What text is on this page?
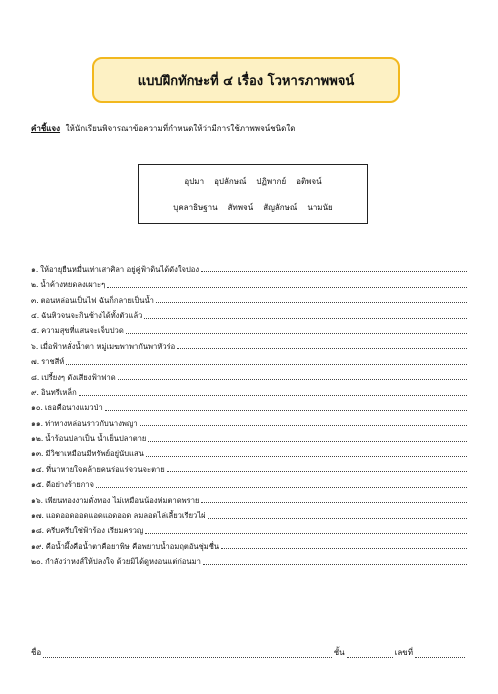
แบบฝึกทักษะที่ ๔ เรื่อง โวหารภาพพจน์
คำชี้แจง ให้นักเรียนพิจารณาข้อความที่กำหนดให้ว่ามีการใช้ภาพพจน์ชนิดใด
อุปมา อุปลักษณ์ ปฏิพากย์ อติพจน์
บุคลาธิษฐาน สัทพจน์ สัญลักษณ์ นามนัย
๑. ให้อายุยืนหมื่นเท่าเสาศิลา อยู่คู่ฟ้าดินได้ดังใจปอง
๒. น้ำค้างหยดลงเผาะๆ
๓. ตอนหล่อนเป็นไฟ ฉันก็กลายเป็นน้ำ
๔. ฉันหิวจนจะกินช้างได้ทั้งตัวแล้ว
๕. ความสุขที่แสนจะเจ็บปวด
๖. เมื่อฟ้าหลั่งน้ำตา หมู่เมฆพาพากันพาหัวร่อ
๗. ราชสีห์
๘. เปรี้ยงๆ ดังเสียงฟ้าฟาด
๙. อินทรีเหล็ก
๑๐. เธอคือนางแมวป่า
๑๑. ท่าทางหล่อนราวกับนางพญา
๑๒. น้ำร้อนปลาเป็น น้ำเย็นปลาตาย
๑๓. มีวิชาเหมือนมีทรัพย์อยู่นับแสน
๑๔. ที่นาหายใจคล้ายคนร่อแร่จวนจะตาย
๑๕. ดีอย่างร้ายกาจ
๑๖. เพียนทองงามดั่งทอง ไม่เหมือนน้องห่มตาดพราย
๑๗. แอดออดออดแอดแอดออด ลมลอดไล่เลี้ยวเรียวไผ่
๑๘. ครีบครีบใช่ฟ้าร้อง เรียมครวญ
๑๙. คือน้ำผึ้งคือน้ำตาคือยาพิษ คือพยาบน้ำอมฤตอันชุ่มชื่น
๒๐. กำลังว่าหงส์ให้ปลงใจ ด้วยมิได้ดูหงอนแต่ก่อนมา
ชื่อ	ชั้น	เลขที่
